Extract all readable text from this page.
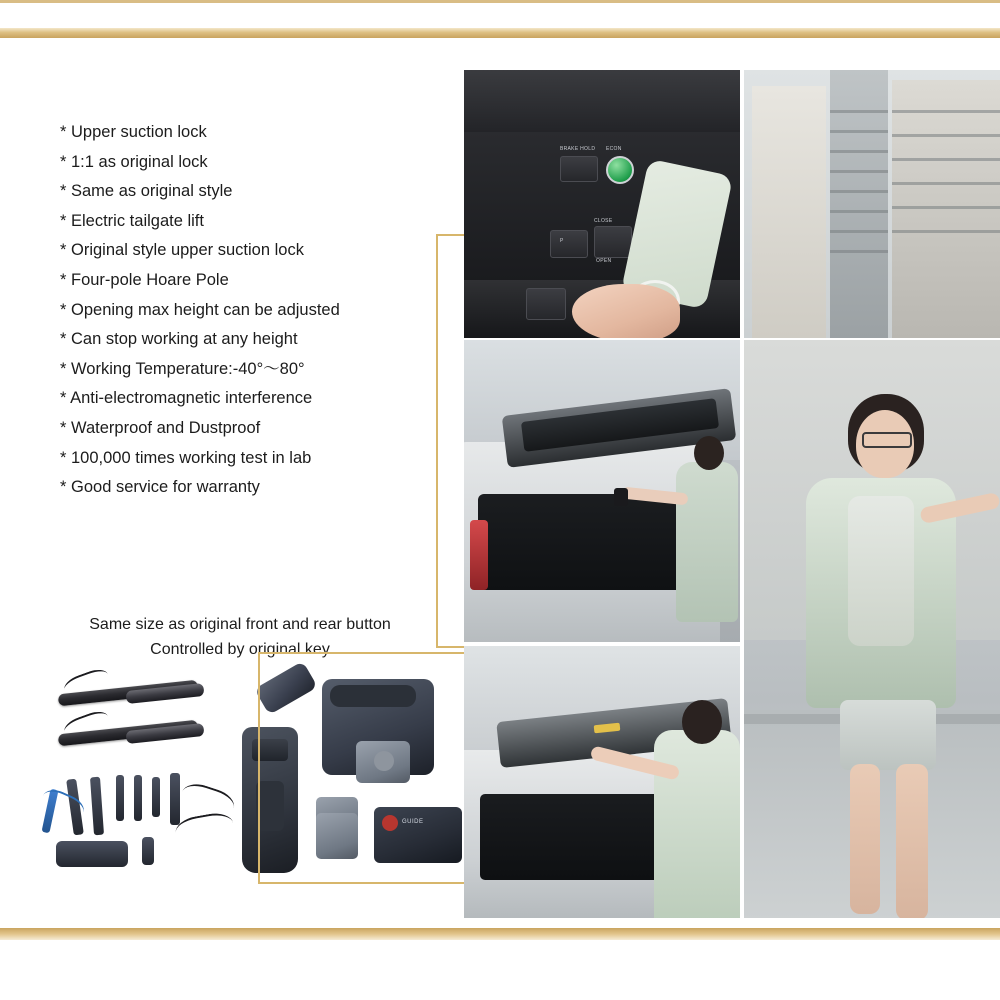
* Upper suction lock
* 1:1 as original lock
* Same as original style
* Electric tailgate lift
* Original style upper suction lock
* Four-pole Hoare Pole
* Opening max height can be adjusted
* Can stop working at any height
* Working Temperature:-40°～80°
* Anti-electromagnetic interference
* Waterproof and Dustproof
* 100,000 times working test in lab
* Good service for warranty
Same size as original front and rear button
Controlled by original key
GUIDE
BRAKE HOLD ECON
P
CLOSE
OPEN
